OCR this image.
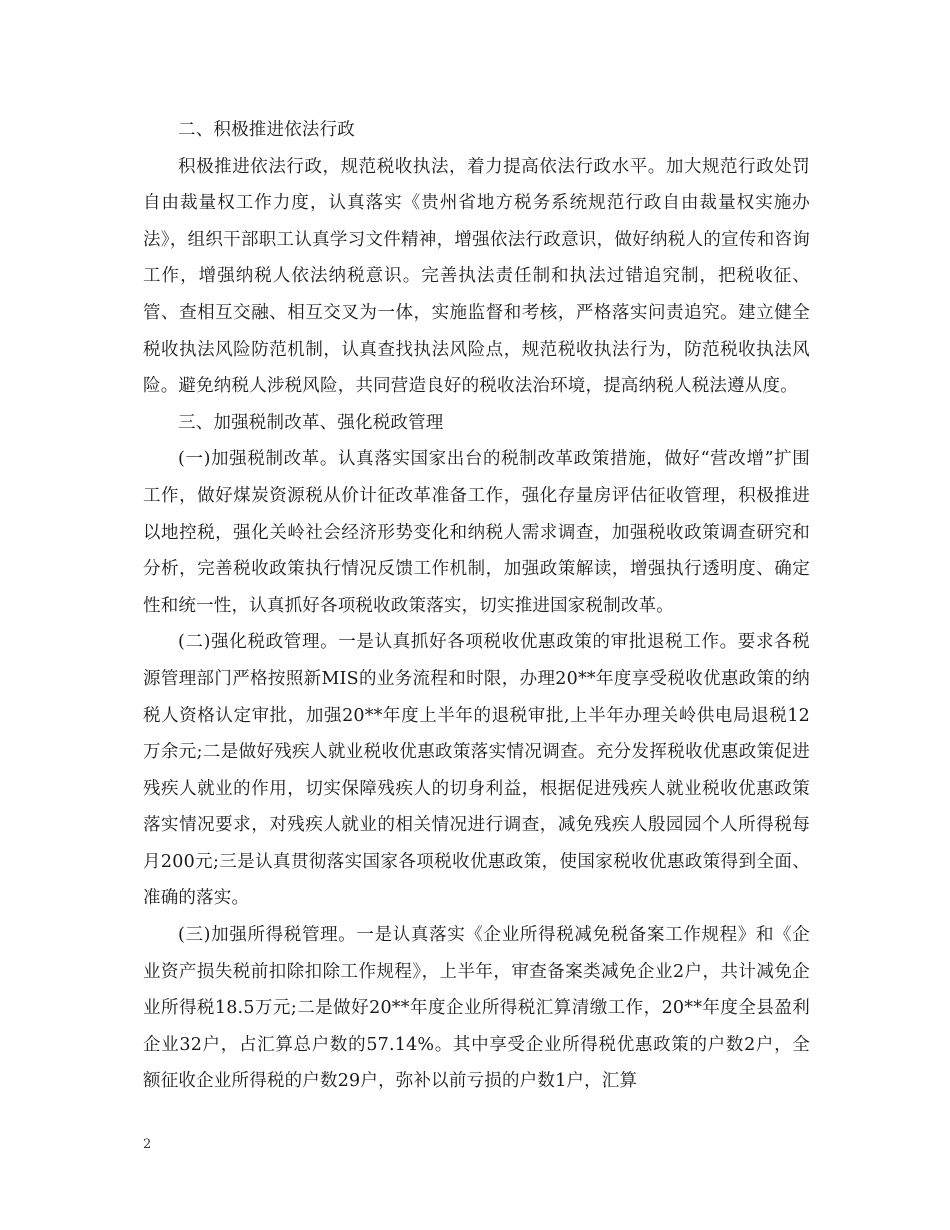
二、积极推进依法行政

积极推进依法行政，规范税收执法，着力提高依法行政水平。加大规范行政处罚自由裁量权工作力度，认真落实《贵州省地方税务系统规范行政自由裁量权实施办法》，组织干部职工认真学习文件精神，增强依法行政意识，做好纳税人的宣传和咨询工作，增强纳税人依法纳税意识。完善执法责任制和执法过错追究制，把税收征、管、查相互交融、相互交叉为一体，实施监督和考核，严格落实问责追究。建立健全税收执法风险防范机制，认真查找执法风险点，规范税收执法行为，防范税收执法风险。避免纳税人涉税风险，共同营造良好的税收法治环境，提高纳税人税法遵从度。

三、加强税制改革、强化税政管理

(一)加强税制改革。认真落实国家出台的税制改革政策措施，做好“营改增”扩围工作，做好煤炭资源税从价计征改革准备工作，强化存量房评估征收管理，积极推进以地控税，强化关岭社会经济形势变化和纳税人需求调查，加强税收政策调查研究和分析，完善税收政策执行情况反馈工作机制，加强政策解读，增强执行透明度、确定性和统一性，认真抓好各项税收政策落实，切实推进国家税制改革。

(二)强化税政管理。一是认真抓好各项税收优惠政策的审批退税工作。要求各税源管理部门严格按照新MIS的业务流程和时限，办理20**年度享受税收优惠政策的纳税人资格认定审批，加强20**年度上半年的退税审批,上半年办理关岭供电局退税12万余元;二是做好残疾人就业税收优惠政策落实情况调查。充分发挥税收优惠政策促进残疾人就业的作用，切实保障残疾人的切身利益，根据促进残疾人就业税收优惠政策落实情况要求，对残疾人就业的相关情况进行调查，减免残疾人殷园园个人所得税每月200元;三是认真贯彻落实国家各项税收优惠政策，使国家税收优惠政策得到全面、准确的落实。

(三)加强所得税管理。一是认真落实《企业所得税减免税备案工作规程》和《企业资产损失税前扣除扣除工作规程》，上半年，审查备案类减免企业2户，共计减免企业所得税18.5万元;二是做好20**年度企业所得税汇算清缴工作，20**年度全县盈利企业32户，占汇算总户数的57.14%。其中享受企业所得税优惠政策的户数2户，全额征收企业所得税的户数29户，弥补以前亏损的户数1户，汇算

2
